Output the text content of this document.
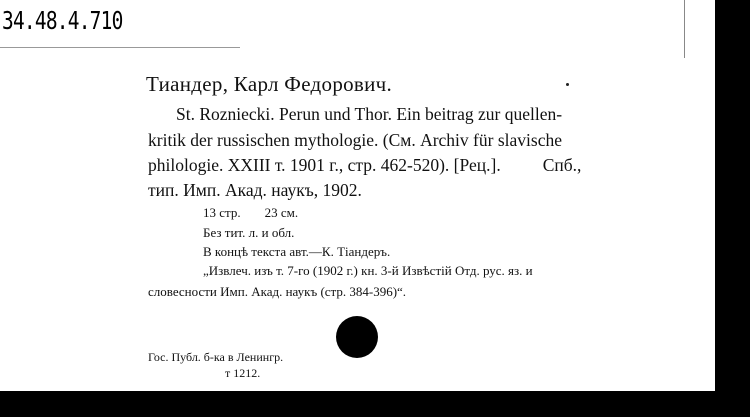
34.48.4.710
Тиандер, Карл Федорович.
St. Roznieckі. Perun und Thor. Ein beitrag zur quellen-
kritik der russischen mythologie. (См. Archiv für slavische
philologie. XXIII т. 1901 г., стр. 462-520). [Рец.]. Спб.,
тип. Имп. Акад. наукъ, 1902.
13 стр. 23 см.
Без тит. л. и обл.
В концѣ текста авт.—К. Тіандеръ.
„Извлеч. изъ т. 7-го (1902 г.) кн. 3-й Извѣстій Отд. рус. яз. и
словесности Имп. Акад. наукъ (стр. 384-396)“.
Гос. Публ. б-ка в Ленингр.
т 1212.
